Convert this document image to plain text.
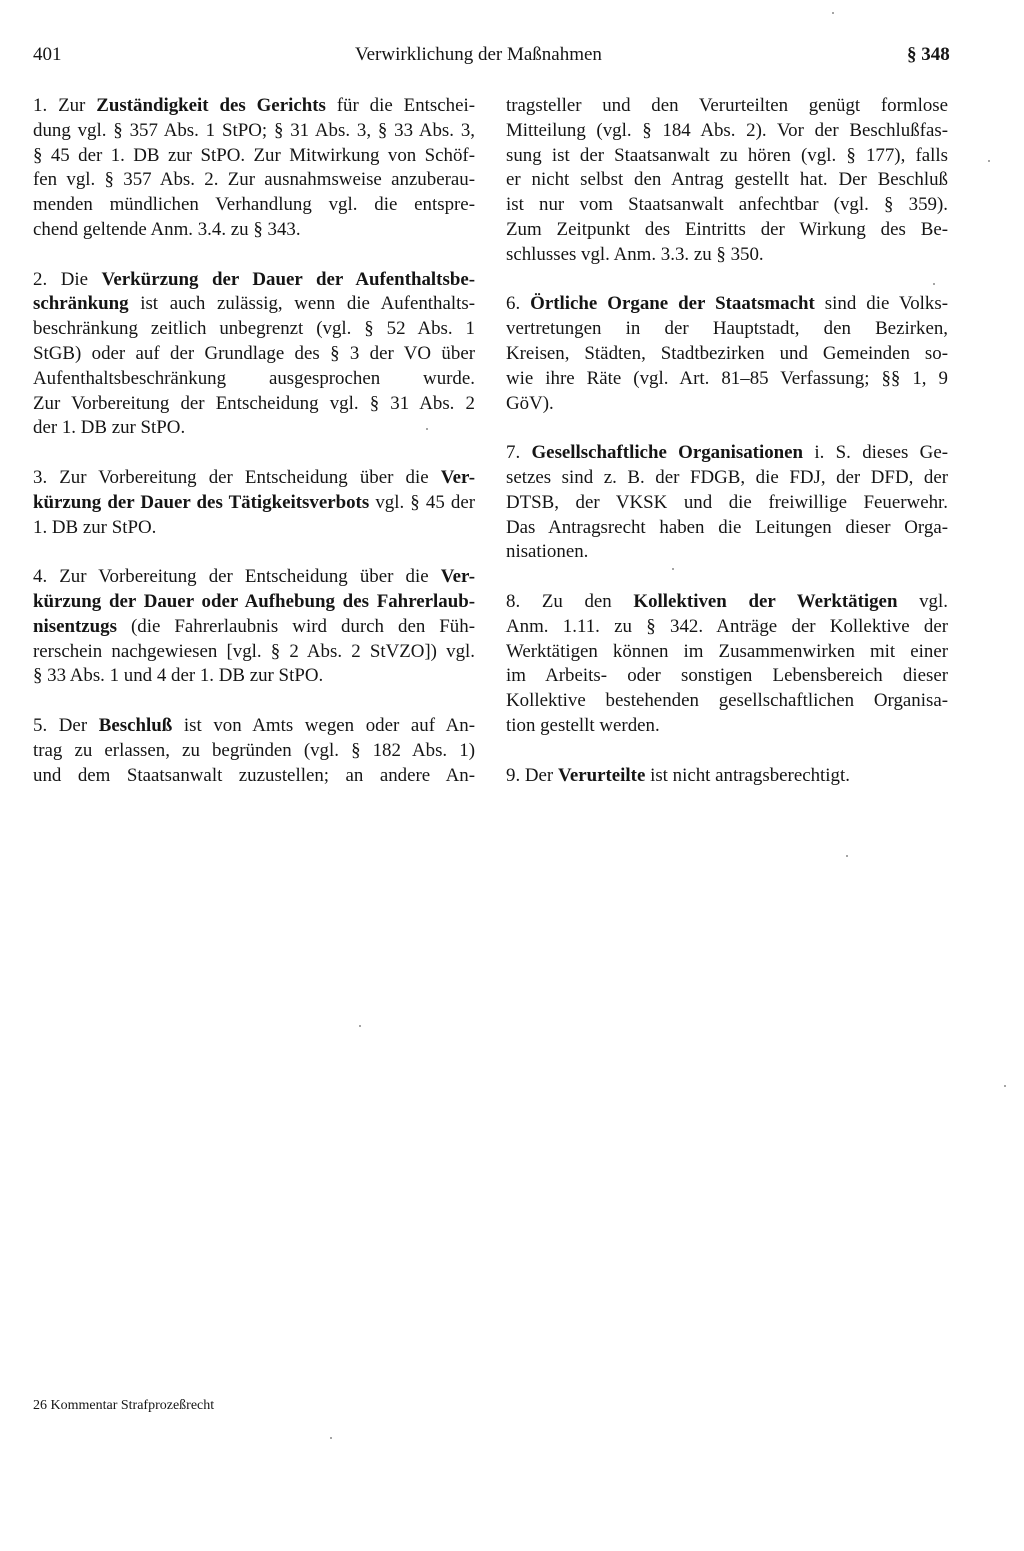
401	Verwirklichung der Maßnahmen	§ 348
1. Zur Zuständigkeit des Gerichts für die Entschei-
dung vgl. § 357 Abs. 1 StPO; § 31 Abs. 3, § 33 Abs. 3,
§ 45 der 1. DB zur StPO. Zur Mitwirkung von Schöf-
fen vgl. § 357 Abs. 2. Zur ausnahmsweise anzuberau-
menden mündlichen Verhandlung vgl. die entspre-
chend geltende Anm. 3.4. zu § 343.
2. Die Verkürzung der Dauer der Aufenthaltsbe-
schränkung ist auch zulässig, wenn die Aufenthalts-
beschränkung zeitlich unbegrenzt (vgl. § 52 Abs. 1
StGB) oder auf der Grundlage des § 3 der VO über
Aufenthaltsbeschränkung ausgesprochen wurde.
Zur Vorbereitung der Entscheidung vgl. § 31 Abs. 2
der 1. DB zur StPO.
3. Zur Vorbereitung der Entscheidung über die Ver-
kürzung der Dauer des Tätigkeitsverbots vgl. § 45 der
1. DB zur StPO.
4. Zur Vorbereitung der Entscheidung über die Ver-
kürzung der Dauer oder Aufhebung des Fahrerlaub-
nisentzugs (die Fahrerlaubnis wird durch den Füh-
rerschein nachgewiesen [vgl. § 2 Abs. 2 StVZO]) vgl.
§ 33 Abs. 1 und 4 der 1. DB zur StPO.
5. Der Beschluß ist von Amts wegen oder auf An-
trag zu erlassen, zu begründen (vgl. § 182 Abs. 1)
und dem Staatsanwalt zuzustellen; an andere An-
tragsteller und den Verurteilten genügt formlose
Mitteilung (vgl. § 184 Abs. 2). Vor der Beschlußfas-
sung ist der Staatsanwalt zu hören (vgl. § 177), falls
er nicht selbst den Antrag gestellt hat. Der Beschluß
ist nur vom Staatsanwalt anfechtbar (vgl. § 359).
Zum Zeitpunkt des Eintritts der Wirkung des Be-
schlusses vgl. Anm. 3.3. zu § 350.
6. Örtliche Organe der Staatsmacht sind die Volks-
vertretungen in der Hauptstadt, den Bezirken,
Kreisen, Städten, Stadtbezirken und Gemeinden so-
wie ihre Räte (vgl. Art. 81–85 Verfassung; §§ 1, 9
GöV).
7. Gesellschaftliche Organisationen i. S. dieses Ge-
setzes sind z. B. der FDGB, die FDJ, der DFD, der
DTSB, der VKSK und die freiwillige Feuerwehr.
Das Antragsrecht haben die Leitungen dieser Orga-
nisationen.
8. Zu den Kollektiven der Werktätigen vgl.
Anm. 1.11. zu § 342. Anträge der Kollektive der
Werktätigen können im Zusammenwirken mit einer
im Arbeits- oder sonstigen Lebensbereich dieser
Kollektive bestehenden gesellschaftlichen Organisa-
tion gestellt werden.
9. Der Verurteilte ist nicht antragsberechtigt.
26 Kommentar Strafprozeßrecht
